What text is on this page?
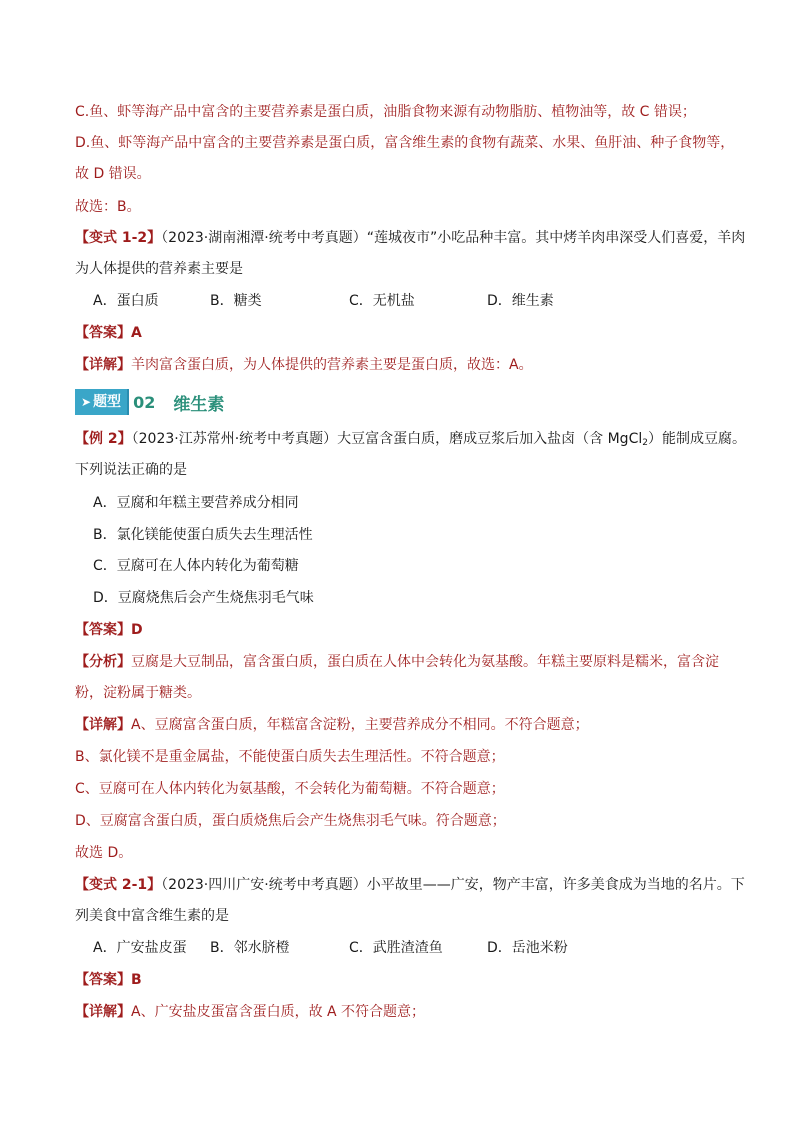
C.鱼、虾等海产品中富含的主要营养素是蛋白质，油脂食物来源有动物脂肪、植物油等，故 C 错误；
D.鱼、虾等海产品中富含的主要营养素是蛋白质，富含维生素的食物有蔬菜、水果、鱼肝油、种子食物等，
故 D 错误。
故选：B。
【变式 1-2】（2023·湖南湘潭·统考中考真题）“莲城夜市”小吃品种丰富。其中烤羊肉串深受人们喜爱，羊肉
为人体提供的营养素主要是
A．蛋白质	B．糖类	C．无机盐	D．维生素
【答案】A
【详解】羊肉富含蛋白质，为人体提供的营养素主要是蛋白质，故选：A。
➤ 题型 02 维生素
【例 2】（2023·江苏常州·统考中考真题）大豆富含蛋白质，磨成豆浆后加入盐卤（含 MgCl$_2$）能制成豆腐。
下列说法正确的是
A．豆腐和年糕主要营养成分相同
B．氯化镁能使蛋白质失去生理活性
C．豆腐可在人体内转化为葡萄糖
D．豆腐烧焦后会产生烧焦羽毛气味
【答案】D
【分析】豆腐是大豆制品，富含蛋白质，蛋白质在人体中会转化为氨基酸。年糕主要原料是糯米，富含淀
粉，淀粉属于糖类。
【详解】A、豆腐富含蛋白质，年糕富含淀粉，主要营养成分不相同。不符合题意；
B、氯化镁不是重金属盐，不能使蛋白质失去生理活性。不符合题意；
C、豆腐可在人体内转化为氨基酸，不会转化为葡萄糖。不符合题意；
D、豆腐富含蛋白质，蛋白质烧焦后会产生烧焦羽毛气味。符合题意；
故选 D。
【变式 2-1】（2023·四川广安·统考中考真题）小平故里——广安，物产丰富，许多美食成为当地的名片。下
列美食中富含维生素的是
A．广安盐皮蛋 B．邻水脐橙	C．武胜渣渣鱼	D．岳池米粉
【答案】B
【详解】A、广安盐皮蛋富含蛋白质，故 A 不符合题意；
